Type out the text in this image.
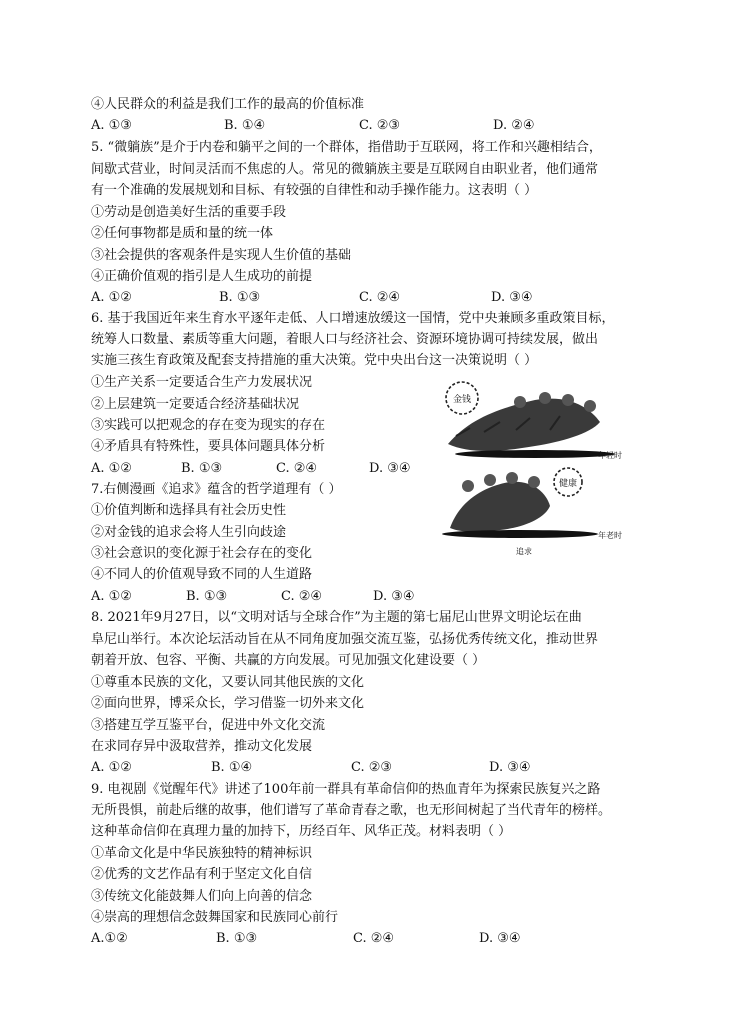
④人民群众的利益是我们工作的最高的价值标准
A. ①③	B. ①④	C. ②③	D. ②④
5. “微躺族”是介于内卷和躺平之间的一个群体，指借助于互联网，将工作和兴趣相结合，
间歇式营业，时间灵活而不焦虑的人。常见的微躺族主要是互联网自由职业者，他们通常
有一个准确的发展规划和目标、有较强的自律性和动手操作能力。这表明（ ）
①劳动是创造美好生活的重要手段
②任何事物都是质和量的统一体
③社会提供的客观条件是实现人生价值的基础
④正确价值观的指引是人生成功的前提
A. ①②	B. ①③	C. ②④	D. ③④
6. 基于我国近年来生育水平逐年走低、人口增速放缓这一国情，党中央兼顾多重政策目标，
统筹人口数量、素质等重大问题，着眼人口与经济社会、资源环境协调可持续发展，做出
实施三孩生育政策及配套支持措施的重大决策。党中央出台这一决策说明（ ）
①生产关系一定要适合生产力发展状况
②上层建筑一定要适合经济基础状况
③实践可以把观念的存在变为现实的存在
④矛盾具有特殊性，要具体问题具体分析
A. ①②	B. ①③	C. ②④	D. ③④
7.右侧漫画《追求》蕴含的哲学道理有（ ）
①价值判断和选择具有社会历史性
②对金钱的追求会将人生引向歧途
③社会意识的变化源于社会存在的变化
④不同人的价值观导致不同的人生道路
A. ①②	B. ①③	C. ②④	D. ③④
金钱
年轻时
健康
年老时
追求
8. 2021年9月27日，以“文明对话与全球合作”为主题的第七届尼山世界文明论坛在曲
阜尼山举行。本次论坛活动旨在从不同角度加强交流互鉴，弘扬优秀传统文化，推动世界
朝着开放、包容、平衡、共赢的方向发展。可见加强文化建设要（ ）
①尊重本民族的文化，又要认同其他民族的文化
②面向世界，博采众长，学习借鉴一切外来文化
③搭建互学互鉴平台，促进中外文化交流
在求同存异中汲取营养，推动文化发展
A. ①②	B. ①④	C. ②③	D. ③④
9. 电视剧《觉醒年代》讲述了100年前一群具有革命信仰的热血青年为探索民族复兴之路
无所畏惧，前赴后继的故事，他们谱写了革命青春之歌，也无形间树起了当代青年的榜样。
这种革命信仰在真理力量的加持下，历经百年、风华正茂。材料表明（ ）
①革命文化是中华民族独特的精神标识
②优秀的文艺作品有利于坚定文化自信
③传统文化能鼓舞人们向上向善的信念
④崇高的理想信念鼓舞国家和民族同心前行
A.①②	B. ①③	C. ②④	D. ③④
